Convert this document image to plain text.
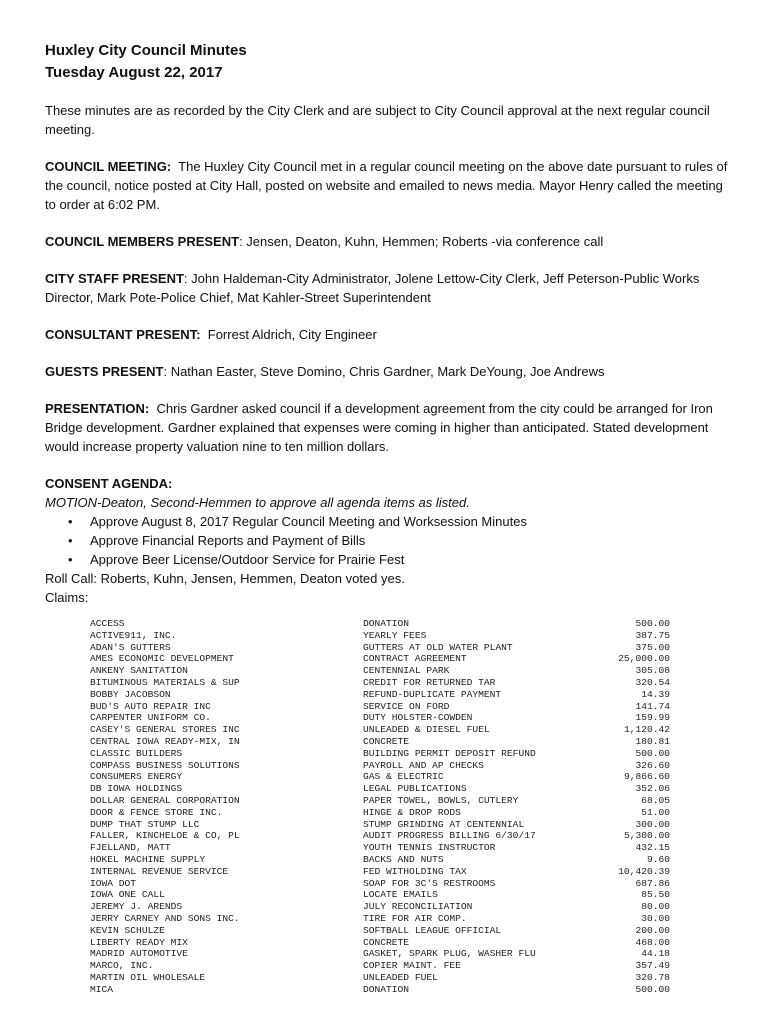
Huxley City Council Minutes

Tuesday August 22, 2017

These minutes are as recorded by the City Clerk and are subject to City Council approval at the next regular council meeting.

COUNCIL MEETING: The Huxley City Council met in a regular council meeting on the above date pursuant to rules of the council, notice posted at City Hall, posted on website and emailed to news media. Mayor Henry called the meeting to order at 6:02 PM.

COUNCIL MEMBERS PRESENT: Jensen, Deaton, Kuhn, Hemmen; Roberts -via conference call

CITY STAFF PRESENT: John Haldeman-City Administrator, Jolene Lettow-City Clerk, Jeff Peterson-Public Works Director, Mark Pote-Police Chief, Mat Kahler-Street Superintendent

CONSULTANT PRESENT: Forrest Aldrich, City Engineer

GUESTS PRESENT: Nathan Easter, Steve Domino, Chris Gardner, Mark DeYoung, Joe Andrews

PRESENTATION: Chris Gardner asked council if a development agreement from the city could be arranged for Iron Bridge development. Gardner explained that expenses were coming in higher than anticipated. Stated development would increase property valuation nine to ten million dollars.

CONSENT AGENDA:

MOTION-Deaton, Second-Hemmen to approve all agenda items as listed.

• Approve August 8, 2017 Regular Council Meeting and Worksession Minutes
• Approve Financial Reports and Payment of Bills
• Approve Beer License/Outdoor Service for Prairie Fest

Roll Call: Roberts, Kuhn, Jensen, Hemmen, Deaton voted yes.

Claims:

ACCESS	DONATION	500.00
ACTIVE911, INC.	YEARLY FEES	387.75
ADAN'S GUTTERS	GUTTERS AT OLD WATER PLANT	375.00
AMES ECONOMIC DEVELOPMENT	CONTRACT AGREEMENT	25,000.00
ANKENY SANITATION	CENTENNIAL PARK	305.08
BITUMINOUS MATERIALS & SUP	CREDIT FOR RETURNED TAR	320.54
BOBBY JACOBSON	REFUND-DUPLICATE PAYMENT	14.39
BUD'S AUTO REPAIR INC	SERVICE ON FORD	141.74
CARPENTER UNIFORM CO.	DUTY HOLSTER-COWDEN	159.99
CASEY'S GENERAL STORES INC	UNLEADED & DIESEL FUEL	1,120.42
CENTRAL IOWA READY-MIX, IN	CONCRETE	180.81
CLASSIC BUILDERS	BUILDING PERMIT DEPOSIT REFUND	500.00
COMPASS BUSINESS SOLUTIONS	PAYROLL AND AP CHECKS	326.60
CONSUMERS ENERGY	GAS & ELECTRIC	9,866.60
DB IOWA HOLDINGS	LEGAL PUBLICATIONS	352.06
DOLLAR GENERAL CORPORATION	PAPER TOWEL, BOWLS, CUTLERY	68.05
DOOR & FENCE STORE INC.	HINGE & DROP RODS	51.00
DUMP THAT STUMP LLC	STUMP GRINDING AT CENTENNIAL	300.00
FALLER, KINCHELOE & CO, PL	AUDIT PROGRESS BILLING 6/30/17	5,300.00
FJELLAND, MATT	YOUTH TENNIS INSTRUCTOR	432.15
HOKEL MACHINE SUPPLY	BACKS AND NUTS	9.60
INTERNAL REVENUE SERVICE	FED WITHOLDING TAX	10,420.39
IOWA DOT	SOAP FOR 3C'S RESTROOMS	687.86
IOWA ONE CALL	LOCATE EMAILS	85.50
JEREMY J. ARENDS	JULY RECONCILIATION	80.00
JERRY CARNEY AND SONS INC.	TIRE FOR AIR COMP.	30.00
KEVIN SCHULZE	SOFTBALL LEAGUE OFFICIAL	200.00
LIBERTY READY MIX	CONCRETE	468.00
MADRID AUTOMOTIVE	GASKET, SPARK PLUG, WASHER FLU	44.18
MARCO, INC.	COPIER MAINT. FEE	357.49
MARTIN OIL WHOLESALE	UNLEADED FUEL	320.78
MICA	DONATION	500.00
